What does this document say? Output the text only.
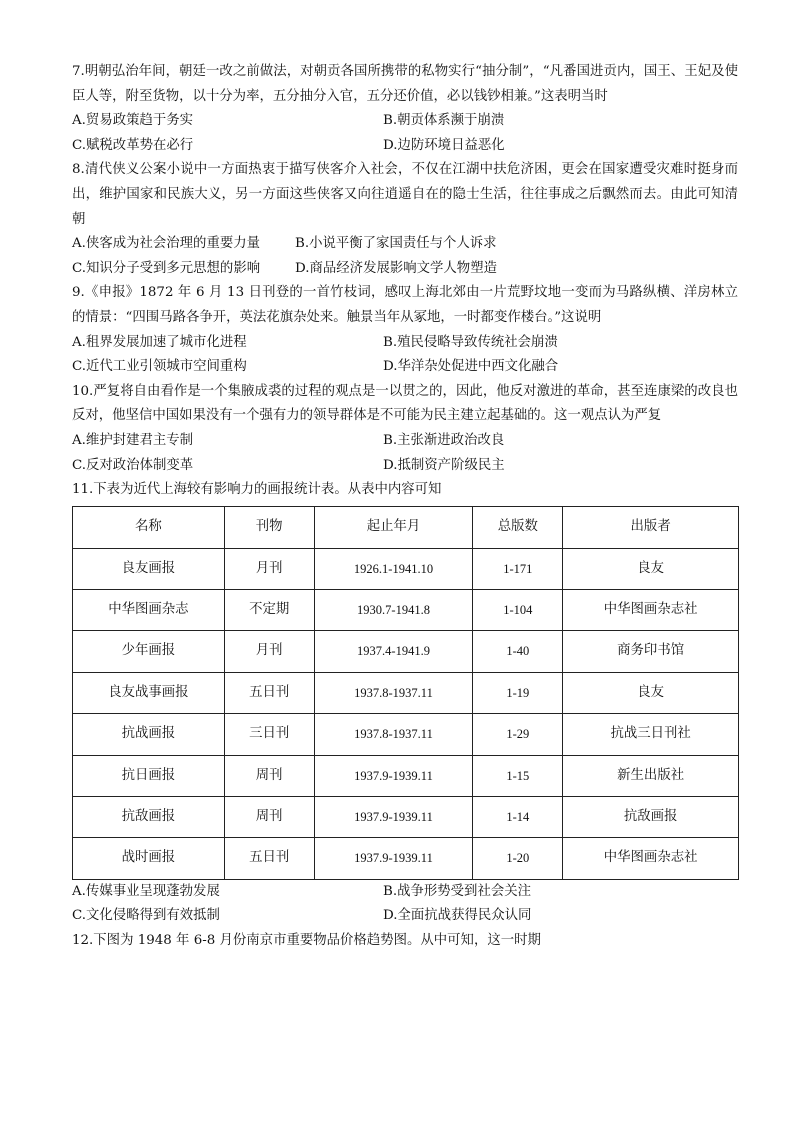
7.明朝弘治年间，朝廷一改之前做法，对朝贡各国所携带的私物实行“抽分制”，“凡番国进贡内，国王、王妃及使臣人等，附至货物，以十分为率，五分抽分入官，五分还价值，必以钱钞相兼。”这表明当时

A.贸易政策趋于务实	B.朝贡体系濒于崩溃
C.赋税改革势在必行	D.边防环境日益恶化

8.清代侠义公案小说中一方面热衷于描写侠客介入社会，不仅在江湖中扶危济困，更会在国家遭受灾难时挺身而出，维护国家和民族大义，另一方面这些侠客又向往逍遥自在的隐士生活，往往事成之后飘然而去。由此可知清朝

A.侠客成为社会治理的重要力量	B.小说平衡了家国责任与个人诉求
C.知识分子受到多元思想的影响	D.商品经济发展影响文学人物塑造

9.《申报》1872 年 6 月 13 日刊登的一首竹枝词，感叹上海北郊由一片荒野坟地一变而为马路纵横、洋房林立的情景：“四围马路各争开，英法花旗杂处来。触景当年从冢地，一时都变作楼台。”这说明

A.租界发展加速了城市化进程	B.殖民侵略导致传统社会崩溃
C.近代工业引领城市空间重构	D.华洋杂处促进中西文化融合

10.严复将自由看作是一个集腋成裘的过程的观点是一以贯之的，因此，他反对激进的革命，甚至连康梁的改良也反对，他坚信中国如果没有一个强有力的领导群体是不可能为民主建立起基础的。这一观点认为严复

A.维护封建君主专制	B.主张渐进政治改良
C.反对政治体制变革	D.抵制资产阶级民主

11.下表为近代上海较有影响力的画报统计表。从表中内容可知

名称	刊物	起止年月	总版数	出版者
良友画报	月刊	1926.1-1941.10	1-171	良友
中华图画杂志	不定期	1930.7-1941.8	1-104	中华图画杂志社
少年画报	月刊	1937.4-1941.9	1-40	商务印书馆
良友战事画报	五日刊	1937.8-1937.11	1-19	良友
抗战画报	三日刊	1937.8-1937.11	1-29	抗战三日刊社
抗日画报	周刊	1937.9-1939.11	1-15	新生出版社
抗敌画报	周刊	1937.9-1939.11	1-14	抗敌画报
战时画报	五日刊	1937.9-1939.11	1-20	中华图画杂志社
A.传媒事业呈现蓬勃发展	B.战争形势受到社会关注
C.文化侵略得到有效抵制	D.全面抗战获得民众认同

12.下图为 1948 年 6-8 月份南京市重要物品价格趋势图。从中可知，这一时期
